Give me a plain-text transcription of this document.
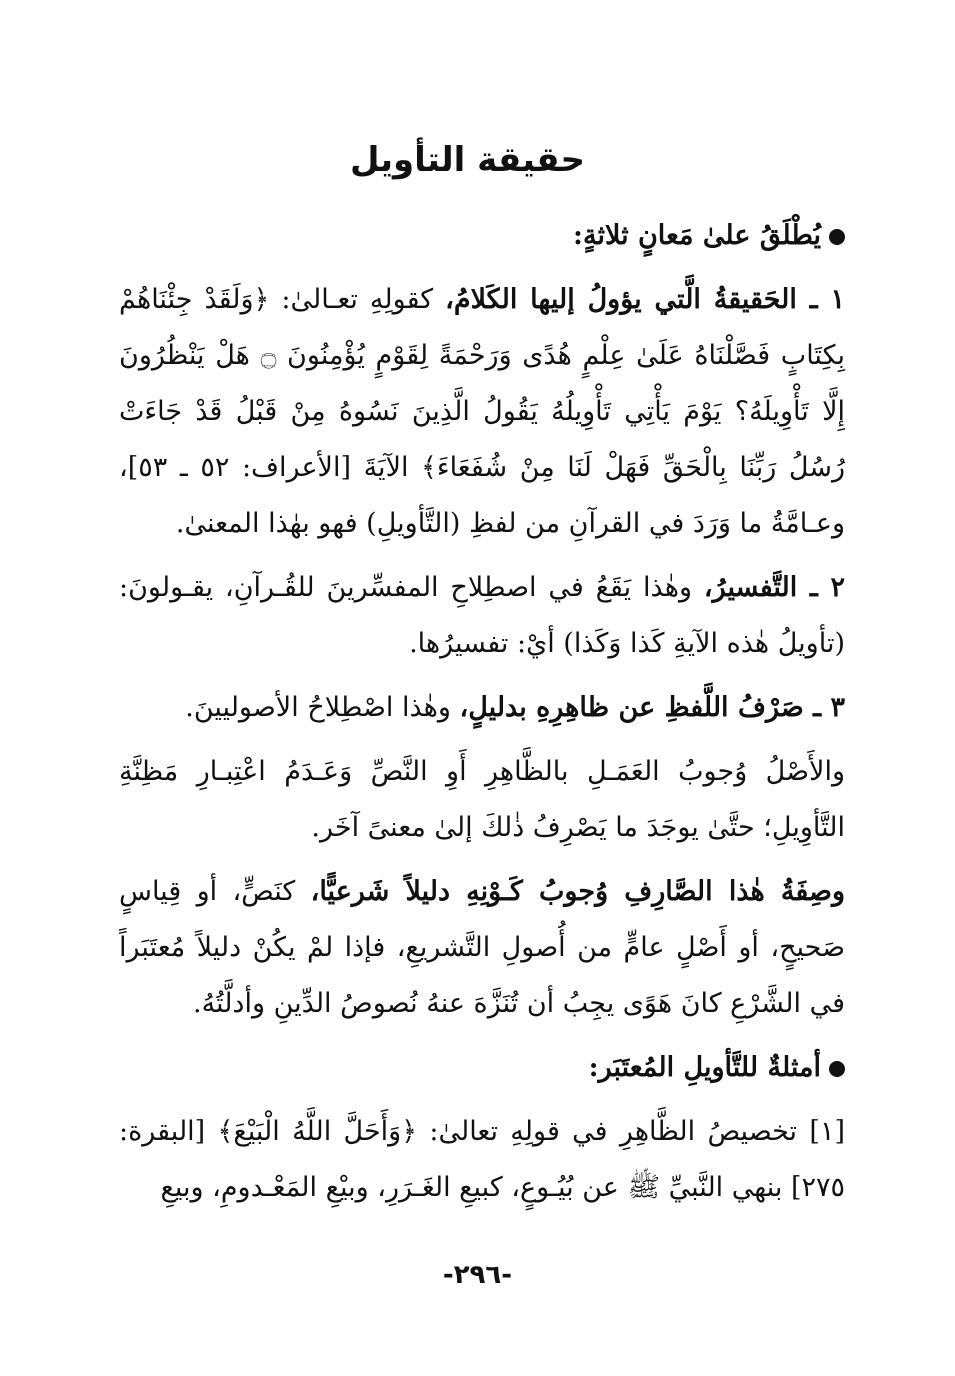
حقيقة التأويل

يُطْلَقُ علىٰ مَعانٍ ثلاثةٍ:

١ ـ الحَقيقةُ الَّتي يؤولُ إليها الكَلامُ، كقولِهِ تعـالىٰ: ﴿وَلَقَدْ جِئْنَاهُمْ بِكِتَابٍ فَصَّلْنَاهُ عَلَىٰ عِلْمٍ هُدًى وَرَحْمَةً لِقَوْمٍ يُؤْمِنُونَ ۝ هَلْ يَنْظُرُونَ إِلَّا تَأْوِيلَهُ؟ يَوْمَ يَأْتِي تَأْوِيلُهُ يَقُولُ الَّذِينَ نَسُوهُ مِنْ قَبْلُ قَدْ جَاءَتْ رُسُلُ رَبِّنَا بِالْحَقِّ فَهَلْ لَنَا مِنْ شُفَعَاءَ﴾ الآيَةَ [الأعراف: ٥٢ ـ ٥٣]، وعـامَّةُ ما وَرَدَ في القرآنِ من لفظِ (التَّأويلِ) فهو بهٰذا المعنىٰ.

٢ ـ التَّفسيرُ، وهٰذا يَقَعُ في اصطِلاحِ المفسِّرينَ للقُـرآنِ، يقـولونَ: (تأويلُ هٰذه الآيةِ كَذا وَكَذا) أيْ: تفسيرُها.

٣ ـ صَرْفُ اللَّفظِ عن ظاهِرِهِ بدليلٍ، وهٰذا اصْطِلاحُ الأصوليينَ.

والأَصْلُ وُجوبُ العَمَـلِ بالظَّاهِرِ أَوِ النَّصِّ وَعَـدَمُ اعْتِبـارِ مَظِنَّةِ التَّأوِيلِ؛ حتَّىٰ يوجَدَ ما يَصْرِفُ ذٰلكَ إلىٰ معنىً آخَر.

وصِفَةُ هٰذا الصَّارِفِ وُجوبُ كَـوْنِهِ دليلاً شَرعيًّا، كنَصٍّ، أو قِياسٍ صَحيحٍ، أو أَصْلٍ عامٍّ من أُصولِ التَّشريعِ، فإذا لمْ يكُنْ دليلاً مُعتَبَراً في الشَّرْعِ كانَ هَوًى يجِبُ أن تُنَزَّهَ عنهُ نُصوصُ الدِّينِ وأدلَّتُهُ.

أمثلةٌ للتَّأويلِ المُعتَبَر:

[١] تخصيصُ الظَّاهِرِ في قولِهِ تعالىٰ: ﴿وَأَحَلَّ اللَّهُ الْبَيْعَ﴾ [البقرة: ٢٧٥] بنهي النَّبيِّ ﷺ عن بُيُـوعٍ، كبيعِ الغَـرَرِ، وبيْعِ المَعْـدومِ، وبيعِ

-٢٩٦-
